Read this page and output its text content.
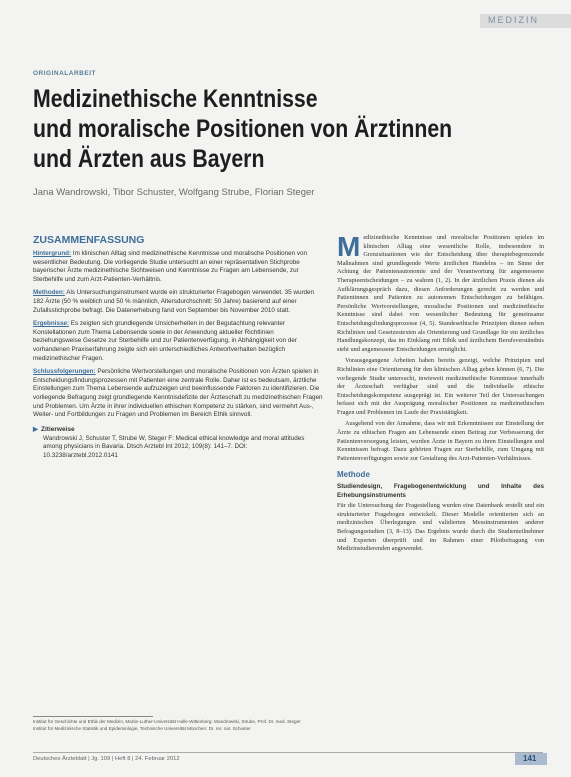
MEDIZIN
ORIGINALARBEIT
Medizinethische Kenntnisse
und moralische Positionen von Ärztinnen
und Ärzten aus Bayern
Jana Wandrowski, Tibor Schuster, Wolfgang Strube, Florian Steger
ZUSAMMENFASSUNG

Hintergrund: Im klinischen Alltag sind medizinethische Kenntnisse und moralische Positionen von wesentlicher Bedeutung. Die vorliegende Studie untersucht an einer repräsentativen Stichprobe bayerischer Ärzte medizinethische Sichtweisen und Kenntnisse zu Fragen am Lebensende, zur Sterbehilfe und zum Arzt-Patienten-Verhältnis.

Methoden: Als Untersuchungsinstrument wurde ein strukturierter Fragebogen verwendet. 35 wurden 182 Ärzte (50 % weiblich und 50 % männlich, Altersdurchschnitt: 50 Jahre) basierend auf einer Zufallsstichprobe befragt. Die Datenerhebung fand von September bis November 2010 statt.

Ergebnisse: Es zeigten sich grundlegende Unsicherheiten in der Begutachtung relevanter Konstellationen zum Thema Lebensende sowie in der Anwendung aktueller Richtlinien beziehungsweise Gesetze zur Sterbehilfe und zur Patientenverfügung, in Abhängigkeit von der vorhandenen Praxiserfahrung zeigte sich ein unterschiedliches Antwortverhalten bezüglich medizinethischer Fragen.

Schlussfolgerungen: Persönliche Wertvorstellungen und moralische Positionen von Ärzten spielen in Entscheidungsfindungsprozessen mit Patienten eine zentrale Rolle. Daher ist es bedeutsam, ärztliche Einstellungen zum Thema Lebensende aufzuzeigen und beeinflussende Faktoren zu identifizieren. Die vorliegende Befragung zeigt grundlegende Kenntnisdefizite der Ärzteschaft zu medizinethischen Fragen und Problemen. Um Ärzte in ihrer individuellen ethischen Kompetenz zu stärken, sind vermehrt Aus-, Weiter- und Fortbildungen zu Fragen und Problemen im Bereich Ethik sinnvoll.

▶ Zitierweise
Wandrowski J, Schuster T, Strube W, Steger F: Medical ethical knowledge and moral attitudes among physicians in Bavaria. Dtsch Arztebl Int 2012; 109(8): 141–7. DOI: 10.3238/arztebl.2012.0141

Medizinethische Kenntnisse und moralische Positionen spielen im klinischen Alltag eine wesentliche Rolle, insbesondere in Grenzsituationen wie der Entscheidung über therapiebegrenzende Maßnahmen sind grundlegende Werte ärztlichen Handelns – im Sinne der Achtung der Patientenautonomie und der Verantwortung für angemessene Therapieentscheidungen – zu wahren (1, 2). In der ärztlichen Praxis dienen als Aufklärungsgespräch dazu, diesen Anforderungen gerecht zu werden und Patientinnen und Patienten zu autonomen Entscheidungen zu befähigen. Persönliche Wertvorstellungen, moralische Positionen und medizinethische Kenntnisse sind dabei von wesentlicher Bedeutung für gemeinsame Entscheidungsfindungsprozesse (4, 5). Standesethische Prinzipien dienen neben Richtlinien und Gesetzestexten als Orientierung und Grundlage für ein ärztliches Handlungskonzept, das im Einklang mit Ethik und ärztlichem Berufsverständnis steht und angemessene Entscheidungen ermöglicht.

Vorausgegangene Arbeiten haben bereits gezeigt, welche Prinzipien und Richtlinien eine Orientierung für den klinischen Alltag geben können (6, 7). Die vorliegende Studie untersucht, inwieweit medizinethische Kenntnisse innerhalb der Ärzteschaft verfügbar sind und die individuelle ethische Entscheidungskompetenz ausgeprägt ist. Ein weiterer Teil der Untersuchungen befasst sich mit der Ausprägung moralischer Positionen zu medizinethischen Fragen und Problemen im Laufe der Praxistätigkeit.

Ausgehend von der Annahme, dass wir mit Erkenntnissen zur Einstellung der Ärzte zu ethischen Fragen am Lebensende einen Beitrag zur Verbesserung der Patientenversorgung leisten, wurden Ärzte in Bayern zu ihren Einstellungen und Kenntnissen befragt. Dazu gehörten Fragen zur Sterbehilfe, zum Umgang mit Patientenverfügungen sowie zur Gestaltung des Arzt-Patienten-Verhältnisses.

Methode
Studiendesign, Fragebogenentwicklung und Inhalte des Erhebungsinstruments

Für die Untersuchung der Fragestellung wurden eine Datenbank erstellt und ein strukturierter Fragebogen entwickelt. Dieser Modelle orientierten sich an medizinischen Überlegungen und validierten Messinstrumenten anderer Befragungsstudien (3, 8–13). Das Ergebnis wurde durch die Studienteilnehmer und Experten überprüft und im Rahmen einer Pilotbefragung von Medizinstudierenden angewendet.

Institut für Geschichte und Ethik der Medizin, Martin-Luther-Universität Halle-Wittenberg: Wandrowski, Strube, Prof. Dr. med. Steger
Institut für Medizinische Statistik und Epidemiologie, Technische Universität München: Dr. rer. nat. Schuster
Deutsches Ärzteblatt | Jg. 109 | Heft 8 | 24. Februar 2012	141
